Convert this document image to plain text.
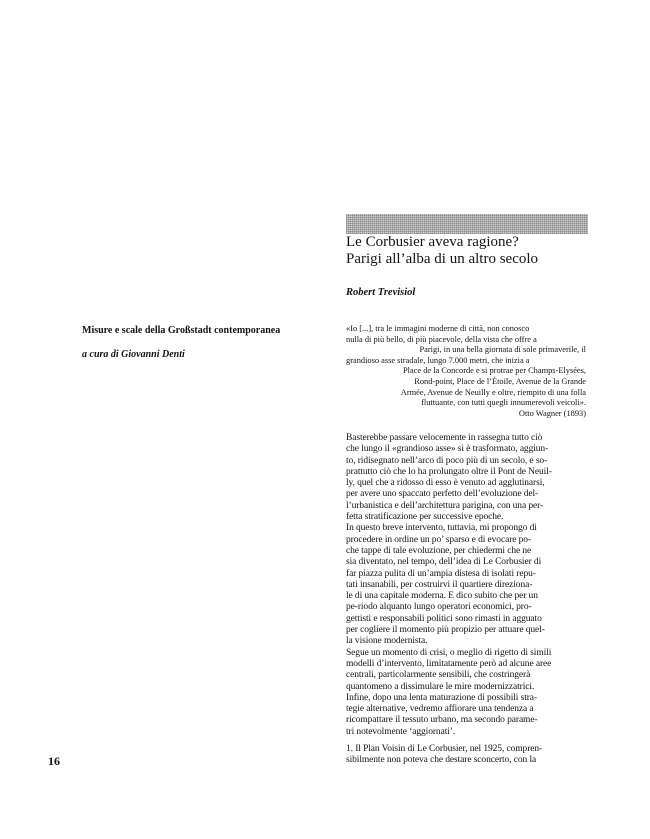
Le Corbusier aveva ragione?
Parigi all’alba di un altro secolo
Robert Trevisiol
Misure e scale della Großstadt contemporanea
a cura di Giovanni Denti
«Io [...], tra le immagini moderne di città, non conosco
nulla di più bello, di più piacevole, della vista che offre a
Parigi, in una bella giornata di sole primaverile, il
grandioso asse stradale, lungo 7.000 metri, che inizia a
Place de la Concorde e si protrae per Champs-Elysées,
Rond-point, Place de l’Étoile, Avenue de la Grande
Armée, Avenue de Neuilly e oltre, riempito di una folla
fluttuante, con tutti quegli innumerevoli veicoli».
Otto Wagner (1893)
Basterebbe passare velocemente in rassegna tutto ciò
che lungo il «grandioso asse» si è trasformato, aggiun-
to, ridisegnato nell’arco di poco più di un secolo, e so-
prattutto ciò che lo ha prolungato oltre il Pont de Neuil-
ly, quel che a ridosso di esso è venuto ad agglutinarsi,
per avere uno spaccato perfetto dell’evoluzione del-
l’urbanistica e dell’architettura parigina, con una per-
fetta stratificazione per successive epoche.
In questo breve intervento, tuttavia, mi propongo di
procedere in ordine un po’ sparso e di evocare po-
che tappe di tale evoluzione, per chiedermi che ne
sia diventato, nel tempo, dell’idea di Le Corbusier di
far piazza pulita di un’ampia distesa di isolati repu-
tati insanabili, per costruirvi il quartiere direziona-
le di una capitale moderna. E dico subito che per un
pe-riodo alquanto lungo operatori economici, pro-
gettisti e responsabili politici sono rimasti in agguato
per cogliere il momento più propizio per attuare quel-
la visione modernista.
Segue un momento di crisi, o meglio di rigetto di simili
modelli d’intervento, limitatamente però ad alcune aree
centrali, particolarmente sensibili, che costringerà
quantomeno a dissimulare le mire modernizzatrici.
Infine, dopo una lenta maturazione di possibili stra-
tegie alternative, vedremo affiorare una tendenza a
ricompattare il tessuto urbano, ma secondo parame-
tri notevolmente ‘aggiornati’.
1. Il Plan Voisin di Le Corbusier, nel 1925, compren-
sibilmente non poteva che destare sconcerto, con la
16
